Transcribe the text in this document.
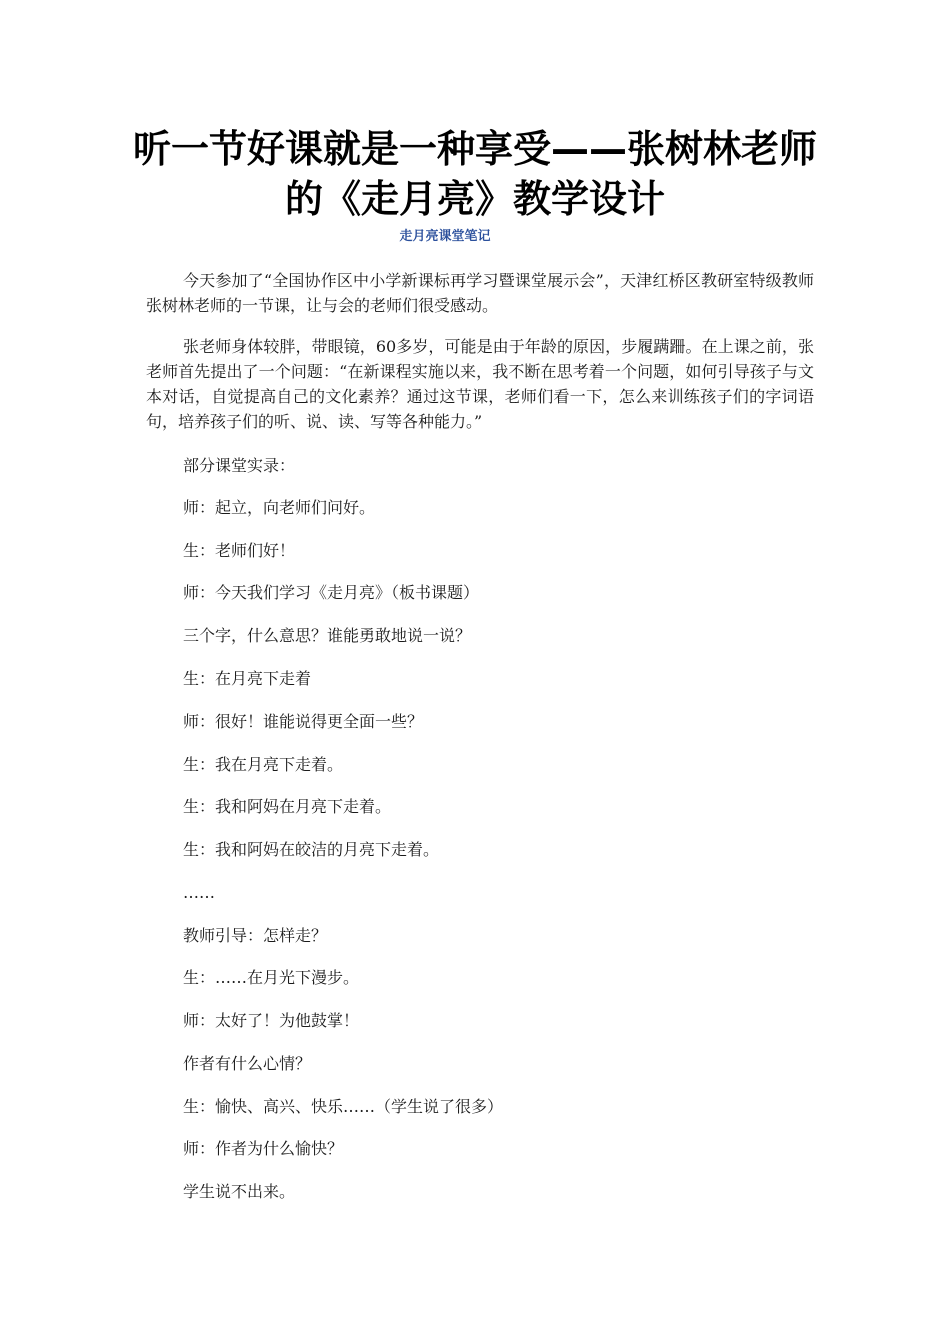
听一节好课就是一种享受——张树林老师的《走月亮》教学设计
走月亮课堂笔记

今天参加了“全国协作区中小学新课标再学习暨课堂展示会”，天津红桥区教研室特级教师张树林老师的一节课，让与会的老师们很受感动。

张老师身体较胖，带眼镜，60多岁，可能是由于年龄的原因，步履蹒跚。在上课之前，张老师首先提出了一个问题：“在新课程实施以来，我不断在思考着一个问题，如何引导孩子与文本对话，自觉提高自己的文化素养？通过这节课，老师们看一下，怎么来训练孩子们的字词语句，培养孩子们的听、说、读、写等各种能力。”

部分课堂实录：

师：起立，向老师们问好。

生：老师们好！

师：今天我们学习《走月亮》（板书课题）

三个字，什么意思？谁能勇敢地说一说？

生：在月亮下走着

师：很好！谁能说得更全面一些？

生：我在月亮下走着。

生：我和阿妈在月亮下走着。

生：我和阿妈在皎洁的月亮下走着。

……

教师引导：怎样走？

生：……在月光下漫步。

师：太好了！为他鼓掌！

作者有什么心情？

生：愉快、高兴、快乐……（学生说了很多）

师：作者为什么愉快？

学生说不出来。
